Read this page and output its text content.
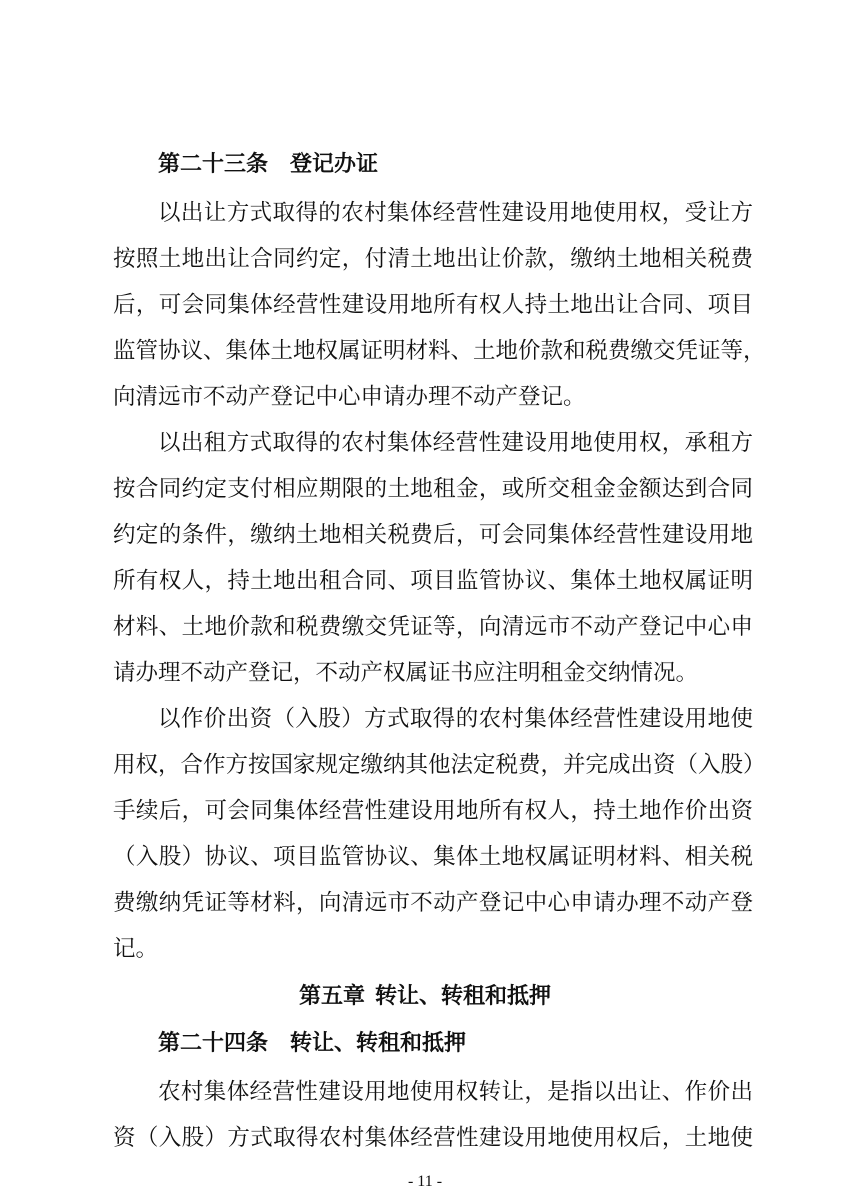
第二十三条 登记办证
以出让方式取得的农村集体经营性建设用地使用权，受让方
按照土地出让合同约定，付清土地出让价款，缴纳土地相关税费
后，可会同集体经营性建设用地所有权人持土地出让合同、项目
监管协议、集体土地权属证明材料、土地价款和税费缴交凭证等，
向清远市不动产登记中心申请办理不动产登记。
以出租方式取得的农村集体经营性建设用地使用权，承租方
按合同约定支付相应期限的土地租金，或所交租金金额达到合同
约定的条件，缴纳土地相关税费后，可会同集体经营性建设用地
所有权人，持土地出租合同、项目监管协议、集体土地权属证明
材料、土地价款和税费缴交凭证等，向清远市不动产登记中心申
请办理不动产登记，不动产权属证书应注明租金交纳情况。
以作价出资（入股）方式取得的农村集体经营性建设用地使
用权，合作方按国家规定缴纳其他法定税费，并完成出资（入股）
手续后，可会同集体经营性建设用地所有权人，持土地作价出资
（入股）协议、项目监管协议、集体土地权属证明材料、相关税
费缴纳凭证等材料，向清远市不动产登记中心申请办理不动产登
记。
第五章 转让、转租和抵押
第二十四条 转让、转租和抵押
农村集体经营性建设用地使用权转让，是指以出让、作价出
资（入股）方式取得农村集体经营性建设用地使用权后，土地使
- 11 -
